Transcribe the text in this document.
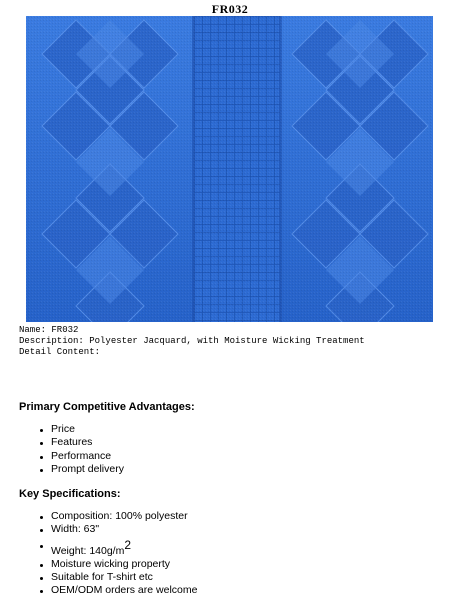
FR032
Name: FR032
Description: Polyester Jacquard, with Moisture Wicking Treatment
Detail Content:
Primary Competitive Advantages:
Price
Features
Performance
Prompt delivery
Key Specifications:
Composition: 100% polyester
Width: 63"
Weight: 140g/m2
Moisture wicking property
Suitable for T-shirt etc
OEM/ODM orders are welcome
